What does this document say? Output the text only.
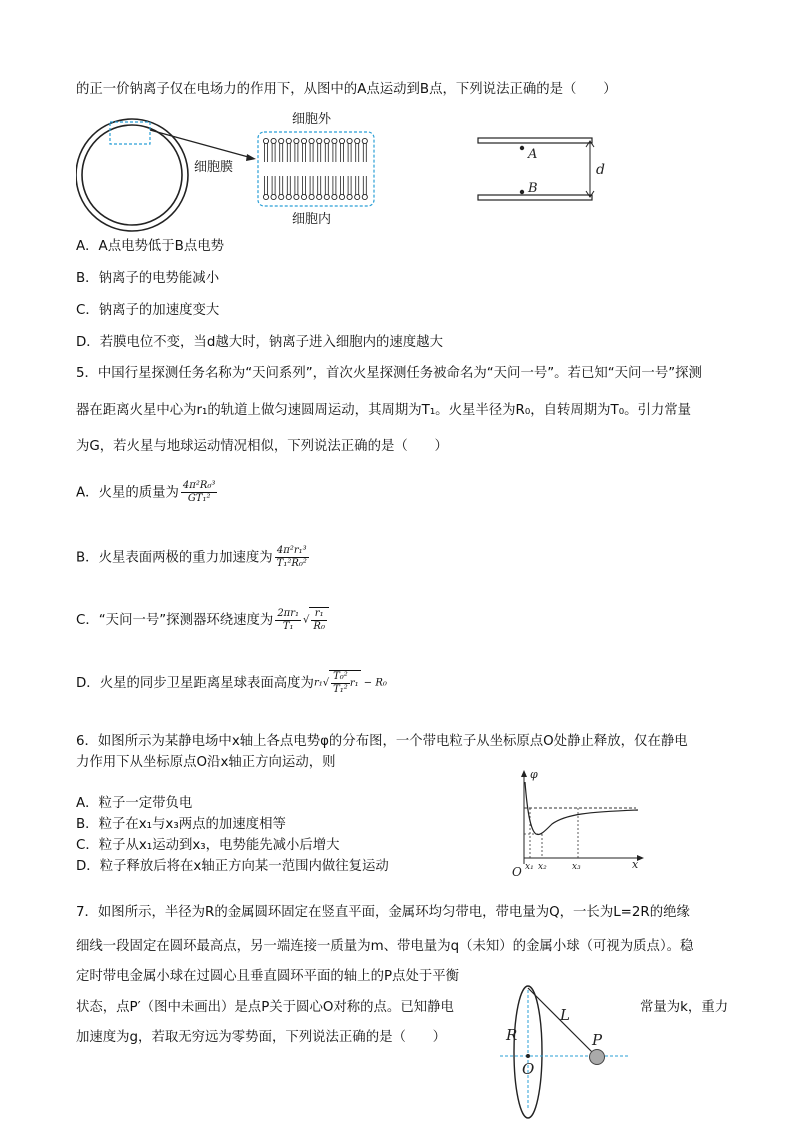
的正一价钠离子仅在电场力的作用下，从图中的A点运动到B点，下列说法正确的是（　　）
细胞外
细胞膜
细胞内
A
B
d
A．A点电势低于B点电势
B．钠离子的电势能减小
C．钠离子的加速度变大
D．若膜电位不变，当d越大时，钠离子进入细胞内的速度越大
5．中国行星探测任务名称为“天问系列”，首次火星探测任务被命名为“天问一号”。若已知“天问一号”探测
器在距离火星中心为r₁的轨道上做匀速圆周运动，其周期为T₁。火星半径为R₀，自转周期为T₀。引力常量
为G，若火星与地球运动情况相似，下列说法正确的是（　　）
A．火星的质量为 $\frac{\text{4π²R₀³}}{\text{GT₁²}}$
B．火星表面两极的重力加速度为 $\frac{\text{4π²r₁³}}{\text{T₁²R₀²}}$
C．“天问一号”探测器环绕速度为 $\frac{\text{2πr₁}}{\text{T₁}}$ √ $\frac{\text{r₁}}{\text{R₀}}$
D．火星的同步卫星距离星球表面高度为$r_1√ \frac{\text{T₀²}}{\text{T₁²}} r_1 - R_0$
6．如图所示为某静电场中x轴上各点电势φ的分布图，一个带电粒子从坐标原点O处静止释放，仅在静电
力作用下从坐标原点O沿x轴正方向运动，则
A．粒子一定带负电
B．粒子在x₁与x₃两点的加速度相等
C．粒子从x₁运动到x₃，电势能先减小后增大
D．粒子释放后将在x轴正方向某一范围内做往复运动
φ
x
O x₁ x₂	x₃
7．如图所示，半径为R的金属圆环固定在竖直平面，金属环均匀带电，带电量为Q，一长为L=2R的绝缘
细线一段固定在圆环最高点，另一端连接一质量为m、带电量为q（未知）的金属小球（可视为质点）。稳
定时带电金属小球在过圆心且垂直圆环平面的轴上的P点处于平衡
状态，点P′（图中未画出）是点P关于圆心O对称的点。已知静电	常量为k，重力
加速度为g，若取无穷远为零势面，下列说法正确的是（　　）	R
L
P
O
